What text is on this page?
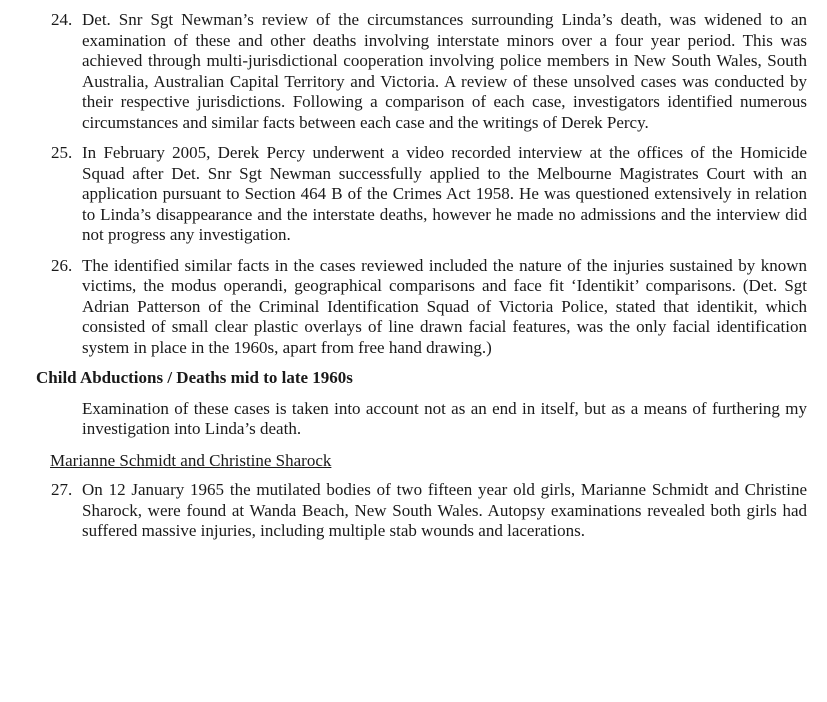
24. Det. Snr Sgt Newman’s review of the circumstances surrounding Linda’s death, was widened to an examination of these and other deaths involving interstate minors over a four year period. This was achieved through multi-jurisdictional cooperation involving police members in New South Wales, South Australia, Australian Capital Territory and Victoria. A review of these unsolved cases was conducted by their respective jurisdictions. Following a comparison of each case, investigators identified numerous circumstances and similar facts between each case and the writings of Derek Percy.

25. In February 2005, Derek Percy underwent a video recorded interview at the offices of the Homicide Squad after Det. Snr Sgt Newman successfully applied to the Melbourne Magistrates Court with an application pursuant to Section 464 B of the Crimes Act 1958. He was questioned extensively in relation to Linda’s disappearance and the interstate deaths, however he made no admissions and the interview did not progress any investigation.

26. The identified similar facts in the cases reviewed included the nature of the injuries sustained by known victims, the modus operandi, geographical comparisons and face fit ‘Identikit’ comparisons. (Det. Sgt Adrian Patterson of the Criminal Identification Squad of Victoria Police, stated that identikit, which consisted of small clear plastic overlays of line drawn facial features, was the only facial identification system in place in the 1960s, apart from free hand drawing.)

Child Abductions / Deaths mid to late 1960s

Examination of these cases is taken into account not as an end in itself, but as a means of furthering my investigation into Linda’s death.

Marianne Schmidt and Christine Sharock
27. On 12 January 1965 the mutilated bodies of two fifteen year old girls, Marianne Schmidt and Christine Sharock, were found at Wanda Beach, New South Wales. Autopsy examinations revealed both girls had suffered massive injuries, including multiple stab wounds and lacerations.
